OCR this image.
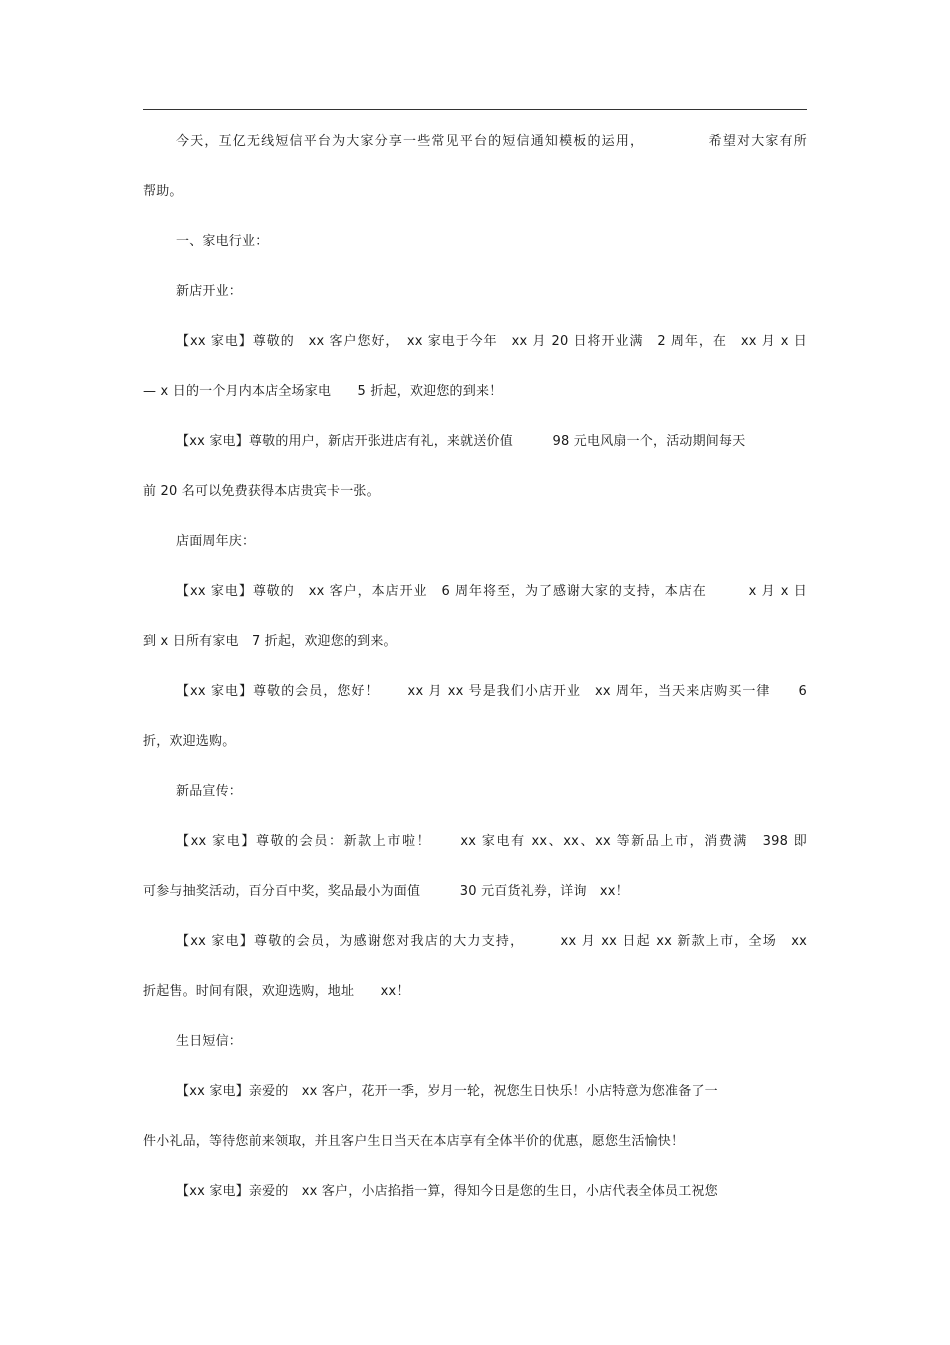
今天，互亿无线短信平台为大家分享一些常见平台的短信通知模板的运用，　　　　　希望对大家有所
帮助。
一、家电行业：
新店开业：
【xx 家电】尊敬的　xx 客户您好，　xx 家电于今年　xx 月 20 日将开业满　2 周年，在　xx 月 x 日
— x 日的一个月内本店全场家电　　5 折起，欢迎您的到来！
【xx 家电】尊敬的用户，新店开张进店有礼，来就送价值　　　98 元电风扇一个，活动期间每天
前 20 名可以免费获得本店贵宾卡一张。
店面周年庆：
【xx 家电】尊敬的　xx 客户，本店开业　6 周年将至，为了感谢大家的支持，本店在　　　x 月 x 日
到 x 日所有家电　7 折起，欢迎您的到来。
【xx 家电】尊敬的会员，您好！　　xx 月 xx 号是我们小店开业　xx 周年，当天来店购买一律　　6
折，欢迎选购。
新品宣传：
【xx 家电】尊敬的会员：新款上市啦！　　xx 家电有 xx、xx、xx 等新品上市，消费满　398 即
可参与抽奖活动，百分百中奖，奖品最小为面值　　　30 元百货礼券，详询　xx！
【xx 家电】尊敬的会员，为感谢您对我店的大力支持，　　　xx 月 xx 日起 xx 新款上市，全场　xx
折起售。时间有限，欢迎选购，地址　　xx！
生日短信：
【xx 家电】亲爱的　xx 客户，花开一季，岁月一轮，祝您生日快乐！小店特意为您准备了一
件小礼品，等待您前来领取，并且客户生日当天在本店享有全体半价的优惠，愿您生活愉快！
【xx 家电】亲爱的　xx 客户，小店掐指一算，得知今日是您的生日，小店代表全体员工祝您
